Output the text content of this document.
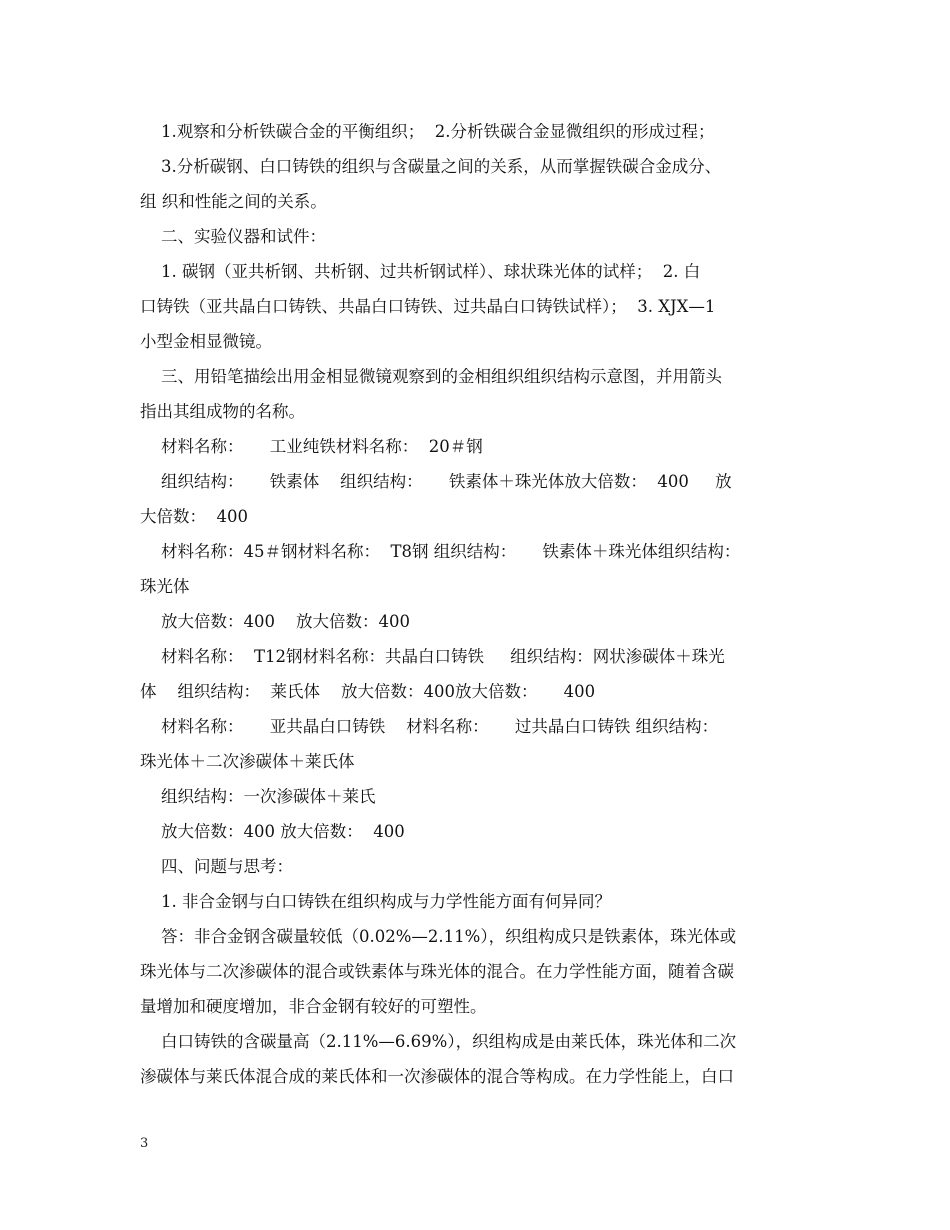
1.观察和分析铁碳合金的平衡组织；  2.分析铁碳合金显微组织的形成过程；
3.分析碳钢、白口铸铁的组织与含碳量之间的关系，从而掌握铁碳合金成分、
组 织和性能之间的关系。
二、实验仪器和试件：
1. 碳钢（亚共析钢、共析钢、过共析钢试样）、球状珠光体的试样；  2. 白
口铸铁（亚共晶白口铸铁、共晶白口铸铁、过共晶白口铸铁试样）；  3. XJX—1
小型金相显微镜。
三、用铅笔描绘出用金相显微镜观察到的金相组织组织结构示意图，并用箭头
指出其组成物的名称。
材料名称：     工业纯铁材料名称：  20＃钢
组织结构：     铁素体    组织结构：     铁素体＋珠光体放大倍数：  400     放
大倍数：  400
材料名称：45＃钢材料名称：  T8钢 组织结构：     铁素体＋珠光体组织结构：
珠光体
放大倍数：400    放大倍数：400
材料名称：  T12钢材料名称：共晶白口铸铁     组织结构：网状渗碳体＋珠光
体    组织结构：  莱氏体    放大倍数：400放大倍数：     400
材料名称：     亚共晶白口铸铁    材料名称：     过共晶白口铸铁 组织结构：
珠光体＋二次渗碳体＋莱氏体
组织结构：一次渗碳体＋莱氏
放大倍数：400 放大倍数：  400
四、问题与思考：
1. 非合金钢与白口铸铁在组织构成与力学性能方面有何异同？
答：非合金钢含碳量较低（0.02%—2.11%），织组构成只是铁素体，珠光体或
珠光体与二次渗碳体的混合或铁素体与珠光体的混合。在力学性能方面，随着含碳
量增加和硬度增加，非合金钢有较好的可塑性。
白口铸铁的含碳量高（2.11%—6.69%），织组构成是由莱氏体，珠光体和二次
渗碳体与莱氏体混合成的莱氏体和一次渗碳体的混合等构成。在力学性能上，白口
3
